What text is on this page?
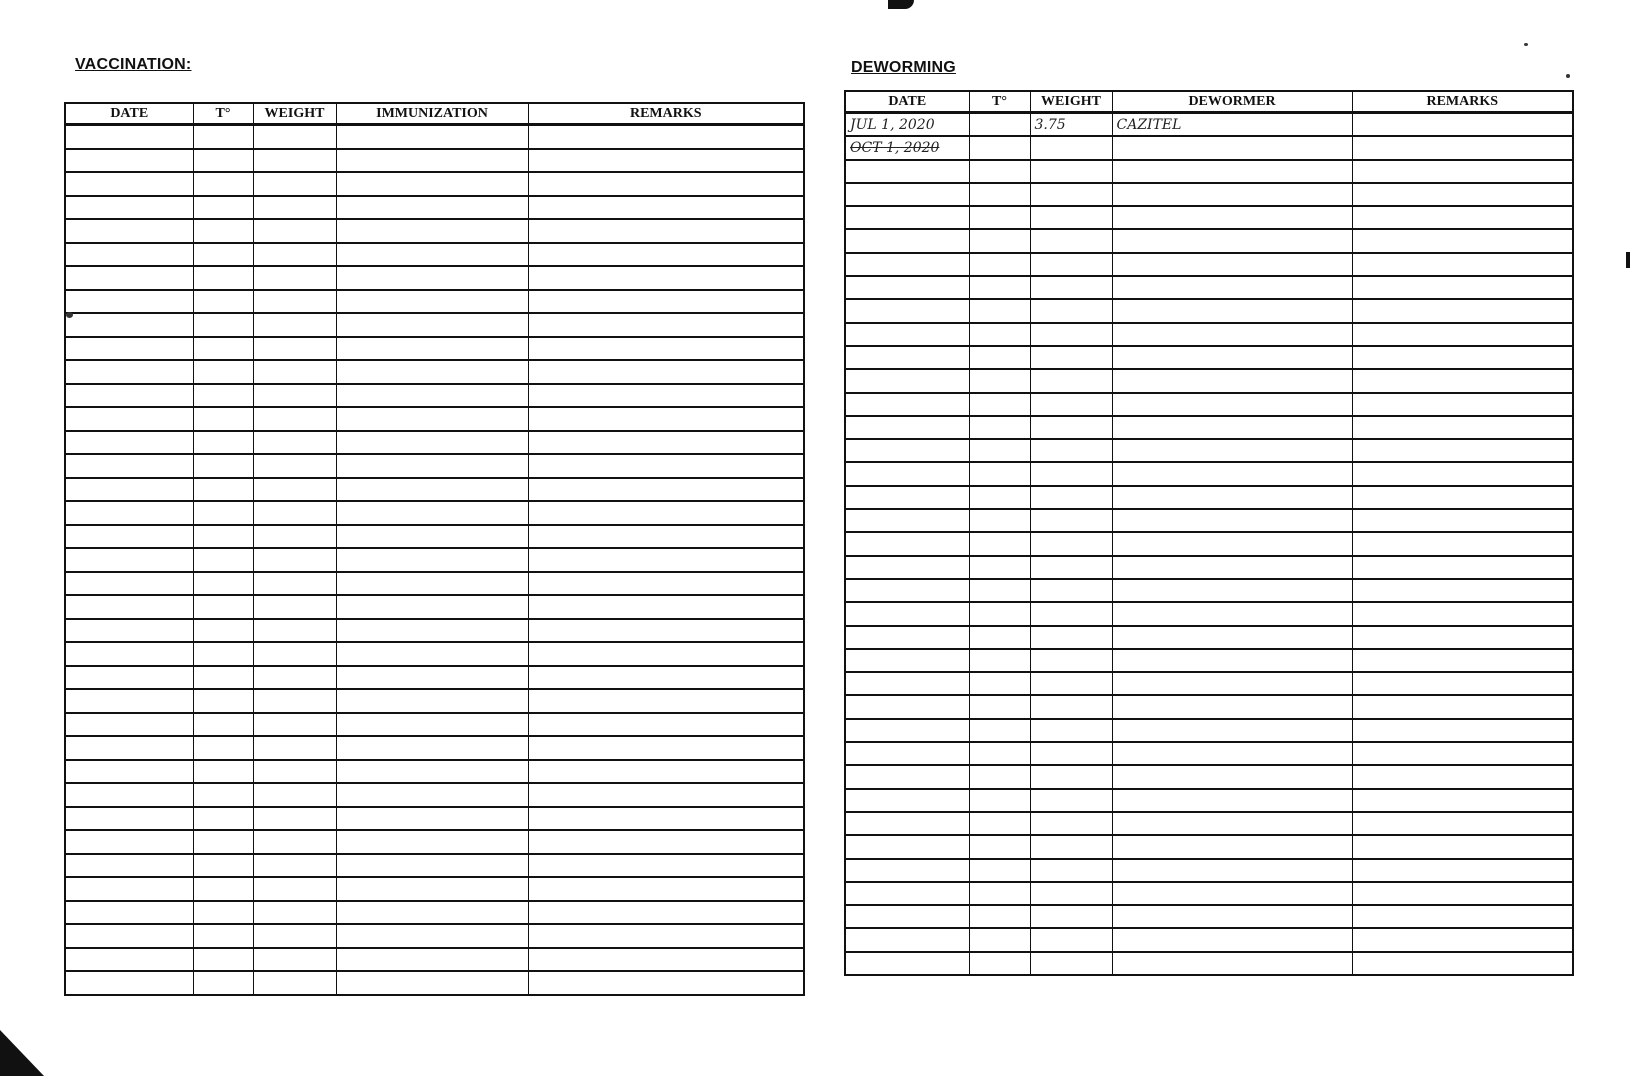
VACCINATION:
DATE	T°	WEIGHT	IMMUNIZATION	REMARKS

DEWORMING
DATE	T°	WEIGHT	DEWORMER	REMARKS
JUL 1, 2020		3.75	CAZITEL	
OCT 1, 2020				
